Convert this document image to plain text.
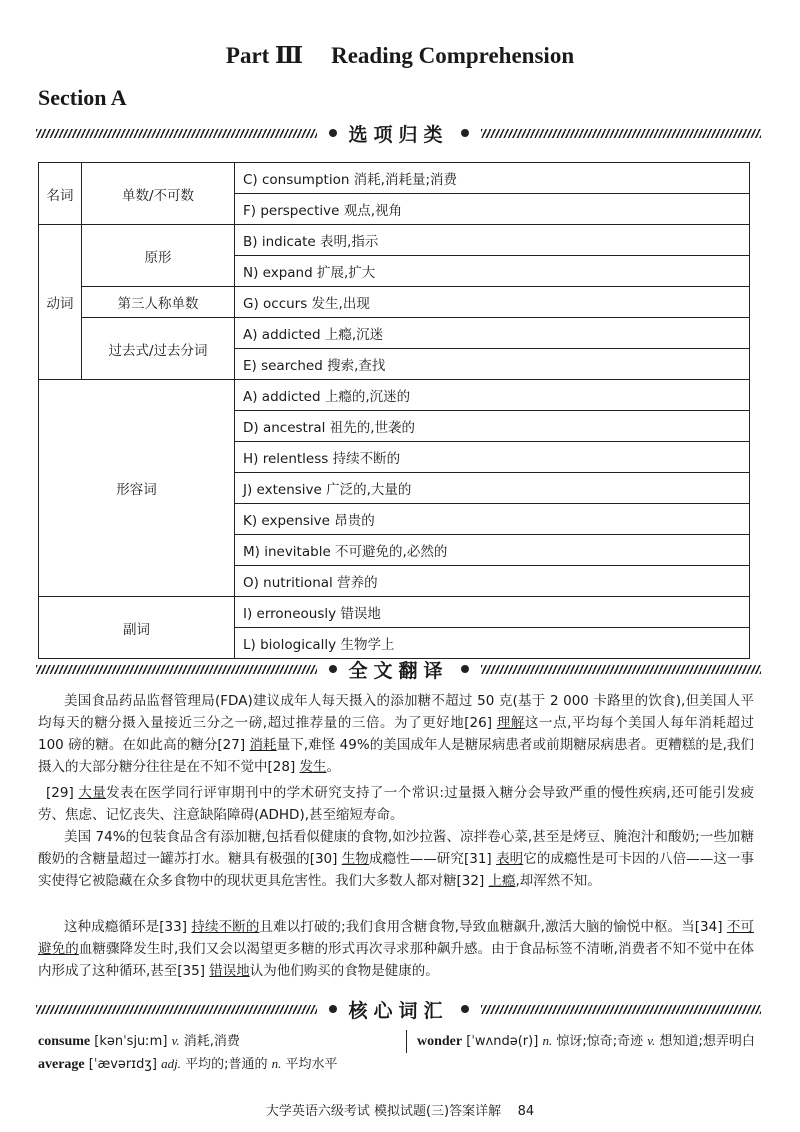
Part Ⅲ Reading Comprehension
Section A
选项归类
名词	单数/不可数	C) consumption 消耗,消耗量;消费
		F) perspective 观点,视角
动词	原形	B) indicate 表明,指示
		N) expand 扩展,扩大
	第三人称单数	G) occurs 发生,出现
	过去式/过去分词	A) addicted 上瘾,沉迷
		E) searched 搜索,查找
形容词		A) addicted 上瘾的,沉迷的
		D) ancestral 祖先的,世袭的
		H) relentless 持续不断的
		J) extensive 广泛的,大量的
		K) expensive 昂贵的
		M) inevitable 不可避免的,必然的
		O) nutritional 营养的
副词		I) erroneously 错误地
		L) biologically 生物学上
全文翻译

美国食品药品监督管理局(FDA)建议成年人每天摄入的添加糖不超过 50 克(基于 2 000 卡路里的饮食),但美国人平均每天的糖分摄入量接近三分之一磅,超过推荐量的三倍。为了更好地[26] 理解这一点,平均每个美国人每年消耗超过 100 磅的糖。在如此高的糖分[27] 消耗量下,难怪 49%的美国成年人是糖尿病患者或前期糖尿病患者。更糟糕的是,我们摄入的大部分糖分往往是在不知不觉中[28] 发生。

[29] 大量发表在医学同行评审期刊中的学术研究支持了一个常识:过量摄入糖分会导致严重的慢性疾病,还可能引发疲劳、焦虑、记忆丧失、注意缺陷障碍(ADHD),甚至缩短寿命。

美国 74%的包装食品含有添加糖,包括看似健康的食物,如沙拉酱、凉拌卷心菜,甚至是烤豆、腌泡汁和酸奶;一些加糖酸奶的含糖量超过一罐苏打水。糖具有极强的[30] 生物成瘾性——研究[31] 表明它的成瘾性是可卡因的八倍——这一事实使得它被隐藏在众多食物中的现状更具危害性。我们大多数人都对糖[32] 上瘾,却浑然不知。

这种成瘾循环是[33] 持续不断的且难以打破的;我们食用含糖食物,导致血糖飙升,激活大脑的愉悦中枢。当[34] 不可避免的血糖骤降发生时,我们又会以渴望更多糖的形式再次寻求那种飙升感。由于食品标签不清晰,消费者不知不觉中在体内形成了这种循环,甚至[35] 错误地认为他们购买的食物是健康的。

核心词汇
consume [kənˈsjuːm] v. 消耗,消费
average [ˈævərɪdʒ] adj. 平均的;普通的 n. 平均水平
wonder [ˈwʌndə(r)] n. 惊讶;惊奇;奇迹 v. 想知道;想弄明白
大学英语六级考试 模拟试题(三)答案详解 84
